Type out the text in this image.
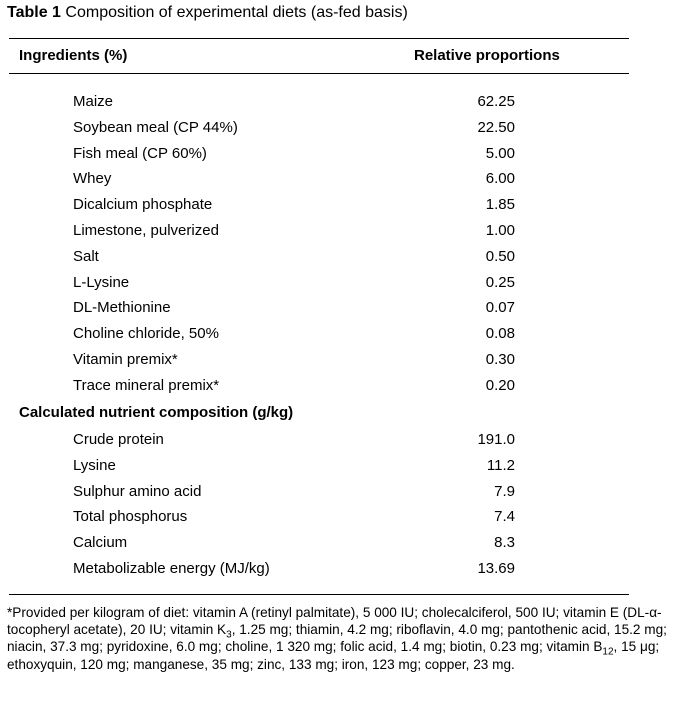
Table 1 Composition of experimental diets (as-fed basis)
Ingredients (%)	Relative proportions
Maize	62.25
Soybean meal (CP 44%)	22.50
Fish meal (CP 60%)	5.00
Whey	6.00
Dicalcium phosphate	1.85
Limestone, pulverized	1.00
Salt	0.50
L-Lysine	0.25
DL-Methionine	0.07
Choline chloride, 50%	0.08
Vitamin premix*	0.30
Trace mineral premix*	0.20
Calculated nutrient composition (g/kg)
Crude protein	191.0
Lysine	11.2
Sulphur amino acid	7.9
Total phosphorus	7.4
Calcium	8.3
Metabolizable energy (MJ/kg)	13.69
*Provided per kilogram of diet: vitamin A (retinyl palmitate), 5 000 IU; cholecalciferol, 500 IU; vitamin E (DL-α-tocopheryl acetate), 20 IU; vitamin $K_3$, 1.25 mg; thiamin, 4.2 mg; riboflavin, 4.0 mg; pantothenic acid, 15.2 mg; niacin, 37.3 mg; pyridoxine, 6.0 mg; choline, 1 320 mg; folic acid, 1.4 mg; biotin, 0.23 mg; vitamin $B_{12}$, 15 μg; ethoxyquin, 120 mg; manganese, 35 mg; zinc, 133 mg; iron, 123 mg; copper, 23 mg.
